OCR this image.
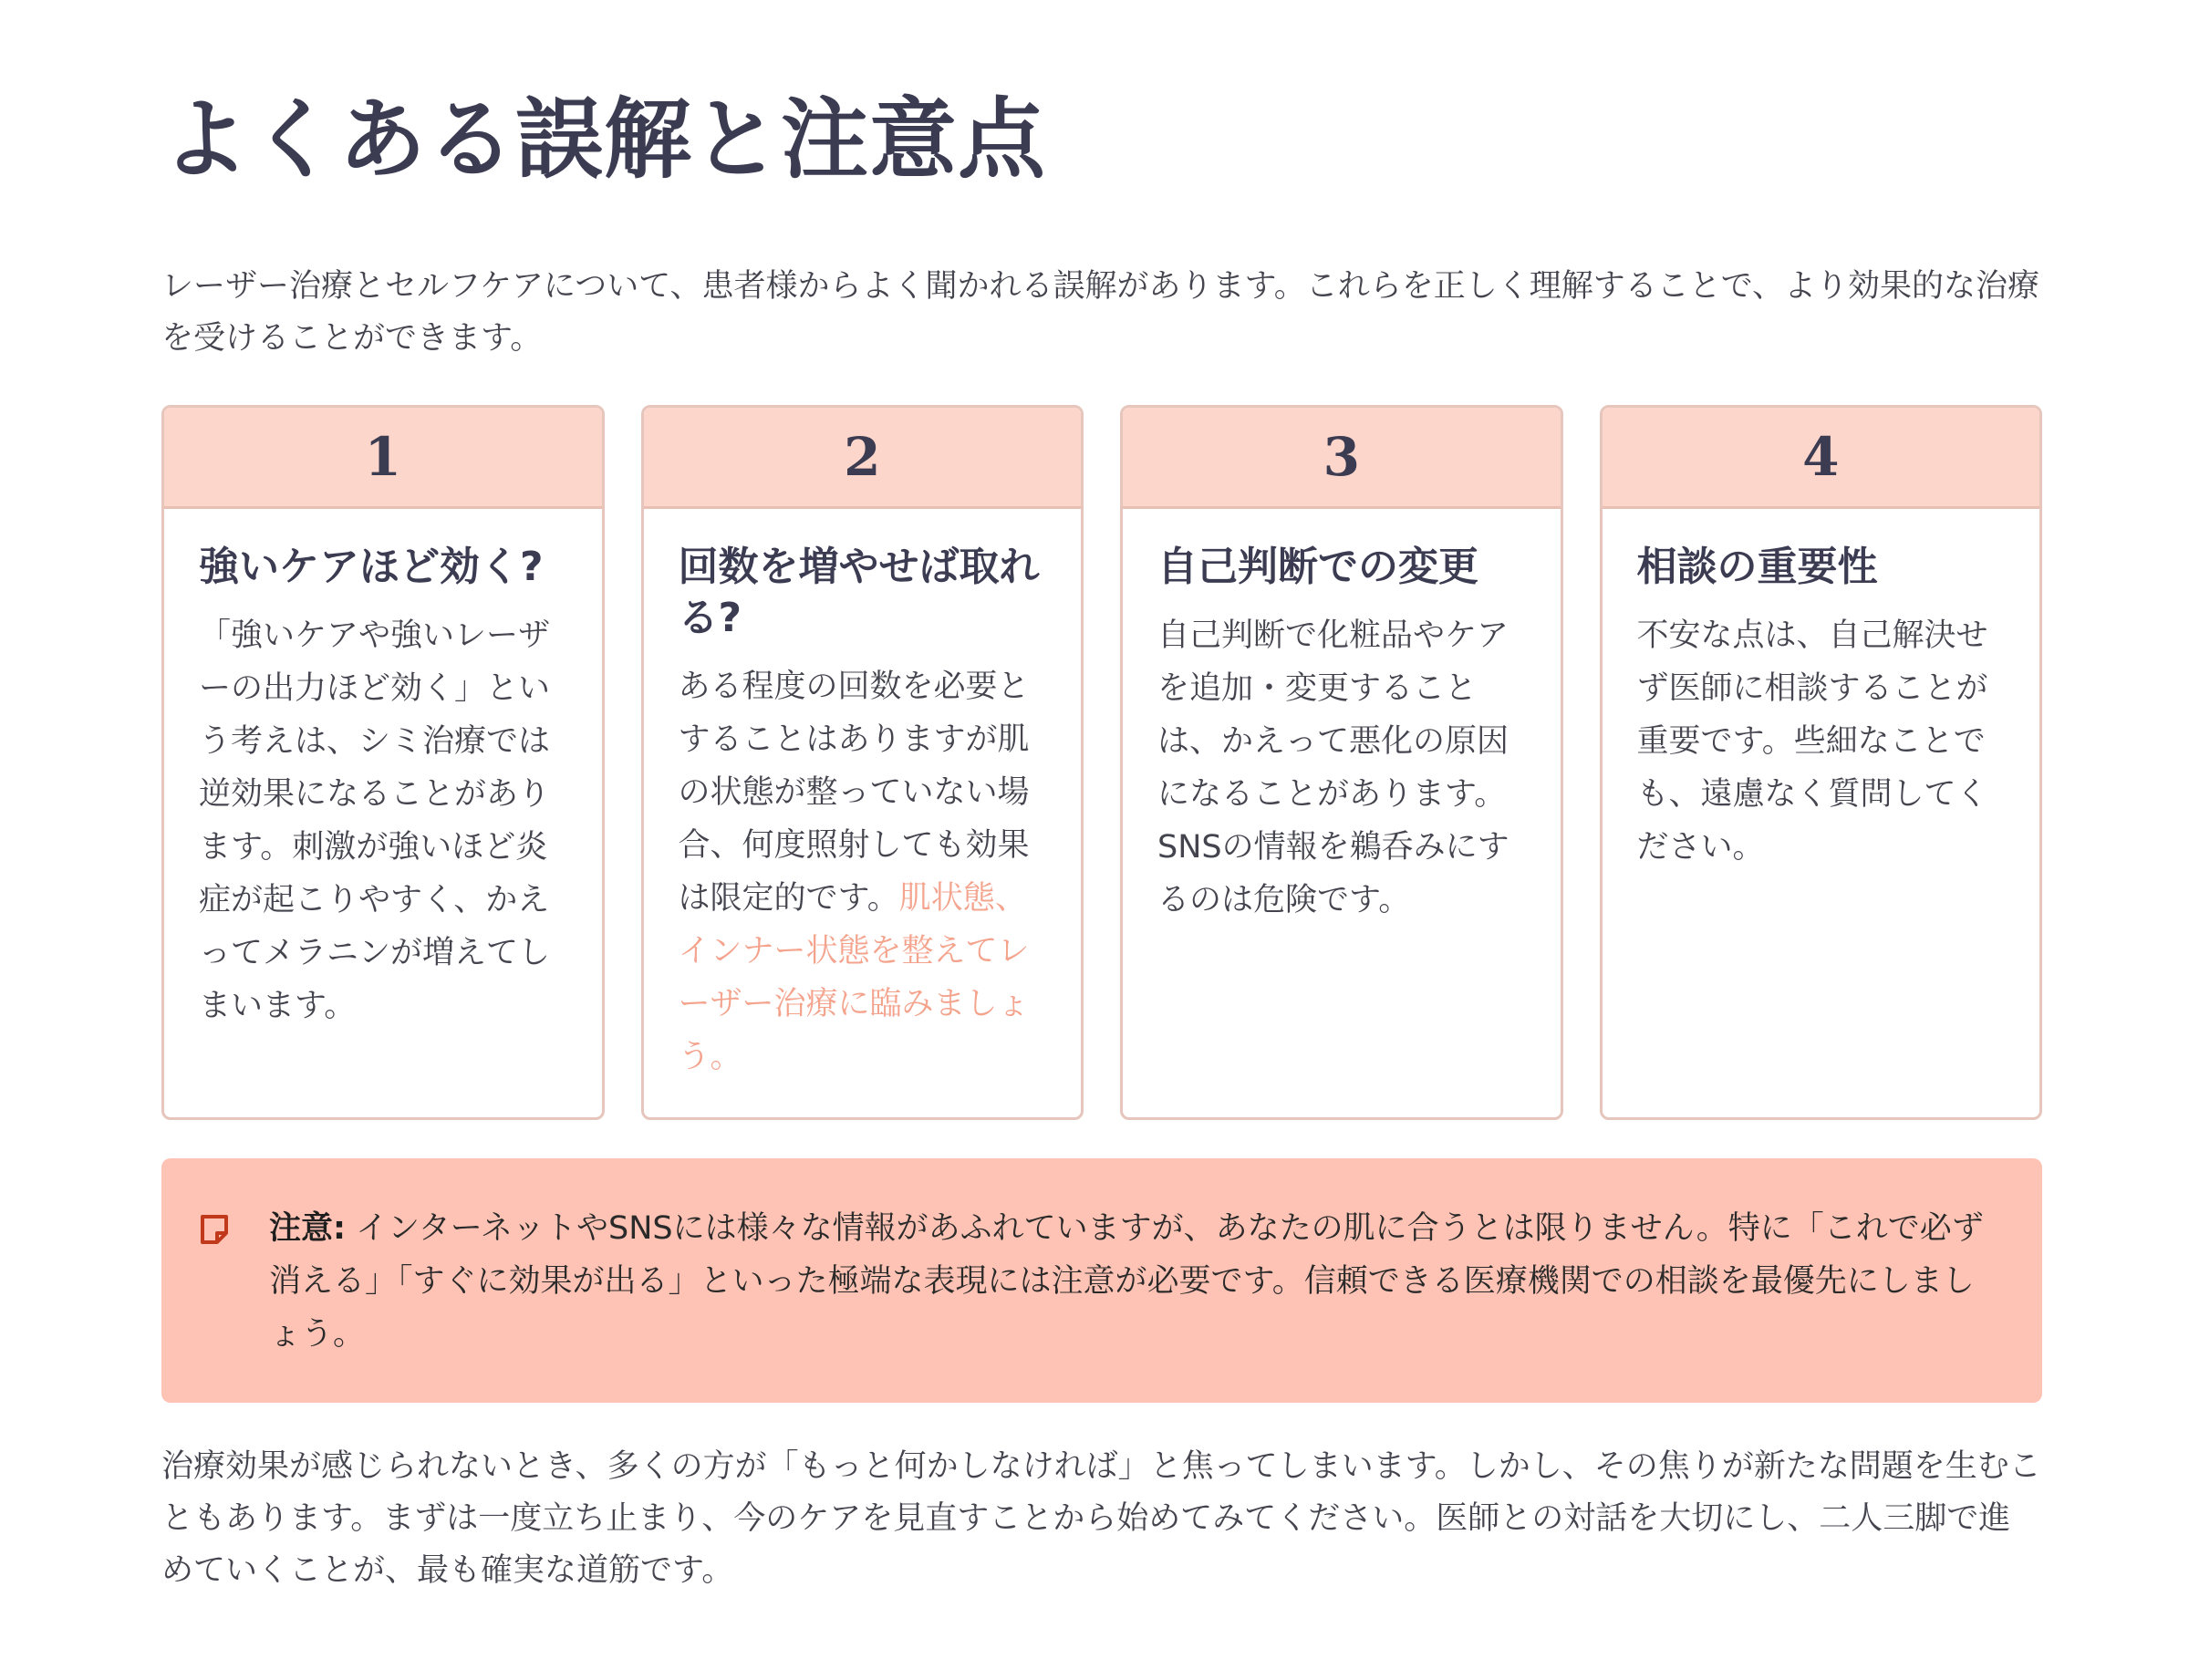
よくある誤解と注意点

レーザー治療とセルフケアについて、患者様からよく聞かれる誤解があります。これらを正しく理解することで、より効果的な治療を受けることができます。

1
強いケアほど効く?

「強いケアや強いレーザーの出力ほど効く」という考えは、シミ治療では逆効果になることがあります。刺激が強いほど炎症が起こりやすく、かえってメラニンが増えてしまいます。

2
回数を増やせば取れる?

ある程度の回数を必要とすることはありますが肌の状態が整っていない場合、何度照射しても効果は限定的です。肌状態、インナー状態を整えてレーザー治療に臨みましょう。

3
自己判断での変更

自己判断で化粧品やケアを追加・変更することは、かえって悪化の原因になることがあります。SNSの情報を鵜呑みにするのは危険です。

4
相談の重要性

不安な点は、自己解決せず医師に相談することが重要です。些細なことでも、遠慮なく質問してください。

注意: インターネットやSNSには様々な情報があふれていますが、あなたの肌に合うとは限りません。特に「これで必ず消える」「すぐに効果が出る」といった極端な表現には注意が必要です。信頼できる医療機関での相談を最優先にしましょう。

治療効果が感じられないとき、多くの方が「もっと何かしなければ」と焦ってしまいます。しかし、その焦りが新たな問題を生むこともあります。まずは一度立ち止まり、今のケアを見直すことから始めてみてください。医師との対話を大切にし、二人三脚で進めていくことが、最も確実な道筋です。
